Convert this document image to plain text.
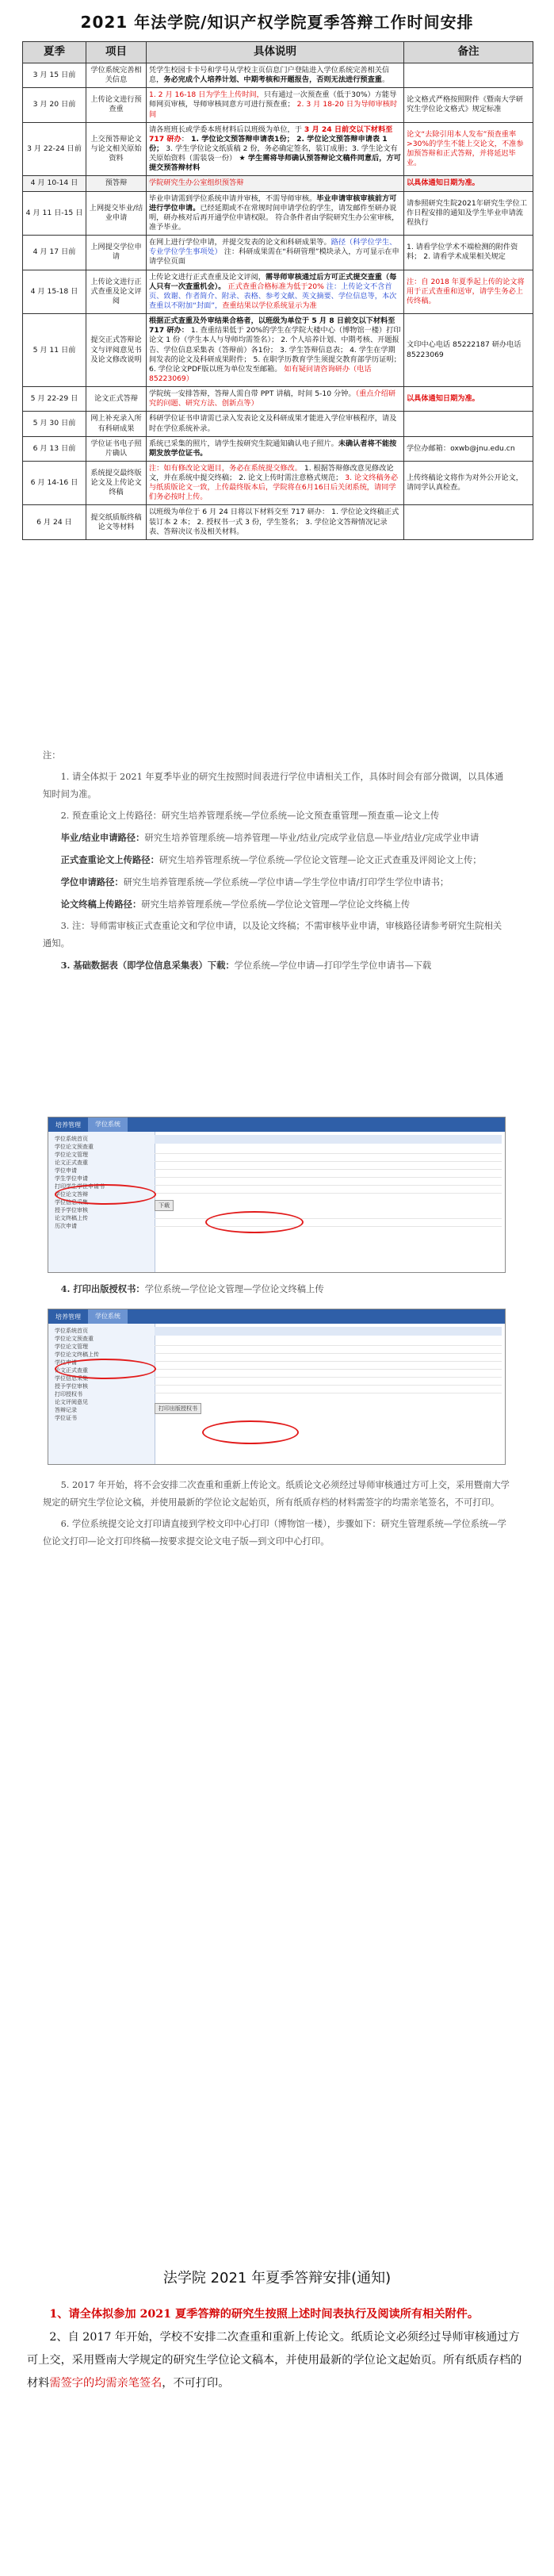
2021 年法学院/知识产权学院夏季答辩工作时间安排
夏季	项目	具体说明	备注
3 月 15 日前	学位系统完善相关信息	凭学生校园卡卡号和学号从学校主页信息门户登陆进入学位系统完善相关信息，务必完成个人培养计划、中期考核和开题报告，否则无法进行预查重。	
3 月 20 日前	上传论文进行预查重	1. 2 月 16-18 日为学生上传时间，只有通过一次预查重（低于30%）方能导师网页审核，导师审核同意方可进行预查重； 2. 3 月 18-20 日为导师审核时间	论文格式严格按照附件《暨南大学研究生学位论文格式》规定标准
3 月 22-24 日前	上交预答辩论文与论文相关原始资料	请各班班长或学委本班材料后以班级为单位，于 3 月 24 日前交以下材料至 717 研办： 1. 学位论文预答辩申请表1份； 2. 学位论文预答辩申请表 1 份； 3. 学生学位论文纸质稿 2 份，务必确定签名，装订成册；3. 学生论文有关原始资料（需装袋一份） ★ 学生需将导师确认预答辩论文稿件同意后，方可提交预答辩材料	论文“去除引用本人发布”预查重率>30%的学生不能上交论文，不准参加预答辩和正式答辩，并将延迟毕业。
4 月 10-14 日	预答辩	学院研究生办公室组织预答辩	以具体通知日期为准。
4 月 11 日-15 日	上网提交毕业/结业申请	毕业申请需到学位系统申请并审核，不需导师审核。毕业申请审核审核前方可进行学位申请。已经延期或不在常规时间申请学位的学生，请发邮件至研办说明，研办核对后再开通学位申请权限。 符合条件者由学院研究生办公室审核，准予毕业。	请参照研究生院2021年研究生学位工作日程安排的通知及学生毕业申请流程执行
4 月 17 日前	上网提交学位申请	在网上进行学位申请，并提交发表的论文和科研成果等。路径（科学位学生、专业学位学生事项处） 注：科研成果需在“科研管理”模块录入，方可显示在申请学位页面	1. 请看学位学术不端检测的附件资料； 2. 请看学术成果相关规定
4 月 15-18 日	上传论文进行正式查重及论文评阅	上传论文进行正式查重及论文评阅，需导师审核通过后方可正式提交查重（每人只有一次查重机会）。 正式查重合格标准为低于20% 注：上传论文不含首页、致谢、作者简介、附录、表格、参考文献、英文摘要、学位信息等，本次查重以不附加“封面”，查重结果以学位系统显示为准	注：自 2018 年夏季起上传的论文将用于正式查重和送审，请学生务必上传终稿。
5 月 11 日前	提交正式答辩论文与评阅意见书及论文修改说明	根据正式查重及外审结果合格者，以班级为单位于 5 月 8 日前交以下材料至 717 研办： 1. 查重结果低于 20%的学生在学院大楼中心（博物馆一楼）打印论文 1 份（学生本人与导师均需签名）； 2. 个人培养计划、中期考核、开题报告、学位信息采集表（答辩前）各1份； 3. 学生答辩信息表； 4. 学生在学期间发表的论文及科研成果附件； 5. 在职学历教育学生须提交教育部学历证明； 6. 学位论文PDF版以班为单位发至邮箱。 如有疑问请咨询研办（电话 85223069）	文印中心电话 85222187 研办电话 85223069
5 月 22-29 日	论文正式答辩	学院统一安排答辩，答辩人需自带 PPT 讲稿，时间 5-10 分钟。（重点介绍研究的问题、研究方法、创新点等）	以具体通知日期为准。
5 月 30 日前	网上补充录入所有科研成果	科研学位证书申请需已录入发表论文及科研成果才能进入学位审核程序，请及时在学位系统补录。	
6 月 13 日前	学位证书电子照片确认	系统已采集的照片，请学生按研究生院通知确认电子照片。未确认者将不能按期发放学位证书。	学位办邮箱：oxwb@jnu.edu.cn
6 月 14-16 日	系统提交最终版论文及上传论文终稿	注：如有修改论文题目，务必在系统提交修改。 1. 根据答辩修改意见修改论文，并在系统中提交终稿； 2. 论文上传时需注意格式规范； 3. 论文终稿务必与纸质版论文一致，上传最终版本后，学院将在6月16日后关闭系统，请同学们务必按时上传。	上传终稿论文将作为对外公开论文，请同学认真检查。
6 月 24 日	提交纸质版终稿论文等材料	以班级为单位于 6 月 24 日将以下材料交至 717 研办： 1. 学位论文终稿正式装订本 2 本； 2. 授权书一式 3 份，学生签名； 3. 学位论文答辩情况记录表、答辩决议书及相关材料。	

注：

1. 请全体拟于 2021 年夏季毕业的研究生按照时间表进行学位申请相关工作，具体时间会有部分微调，以具体通知时间为准。

2. 预查重论文上传路径：研究生培养管理系统—学位系统—论文预查重管理—预查重—论文上传

毕业/结业申请路径：研究生培养管理系统—培养管理—毕业/结业/完成学业信息—毕业/结业/完成学业申请

正式查重论文上传路径：研究生培养管理系统—学位系统—学位论文管理—论文正式查重及评阅论文上传；

学位申请路径：研究生培养管理系统—学位系统—学位申请—学生学位申请/打印学生学位申请书；

论文终稿上传路径：研究生培养管理系统—学位系统—学位论文管理—学位论文终稿上传

3. 注：导师需审核正式查重论文和学位申请，以及论文终稿；不需审核毕业申请，审核路径请参考研究生院相关通知。

3. 基础数据表（即学位信息采集表）下载：学位系统—学位申请—打印学生学位申请书—下载

培养管理	学位系统
学位系统首页
学位论文预查重
学位论文管理
论文正式查重
学位申请
学生学位申请
打印学生学位申请书
学位论文答辩
学位信息采集
授予学位审核
论文终稿上传
历次申请
下载

4. 打印出版授权书：学位系统—学位论文管理—学位论文终稿上传

培养管理	学位系统
学位系统首页
学位论文预查重
学位论文管理
学位论文终稿上传
学位申请
论文正式查重
学位信息采集
授予学位审核
打印授权书
论文评阅意见
答辩记录
学位证书
打印出版授权书

5. 2017 年开始，将不会安排二次查重和重新上传论文。纸质论文必须经过导师审核通过方可上交，采用暨南大学规定的研究生学位论文稿，并使用最新的学位论文起始页，所有纸质存档的材料需签字的均需亲笔签名，不可打印。

6. 学位系统提交论文打印请直接到学校文印中心打印（博物馆一楼），步骤如下：研究生管理系统—学位系统—学位论文打印—论文打印终稿—按要求提交论文电子版—到文印中心打印。

法学院 2021 年夏季答辩安排(通知)

1、请全体拟参加 2021 夏季答辩的研究生按照上述时间表执行及阅读所有相关附件。

2、自 2017 年开始，学校不安排二次查重和重新上传论文。纸质论文必须经过导师审核通过方可上交，采用暨南大学规定的研究生学位论文稿本，并使用最新的学位论文起始页。所有纸质存档的材料需签字的均需亲笔签名，不可打印。
